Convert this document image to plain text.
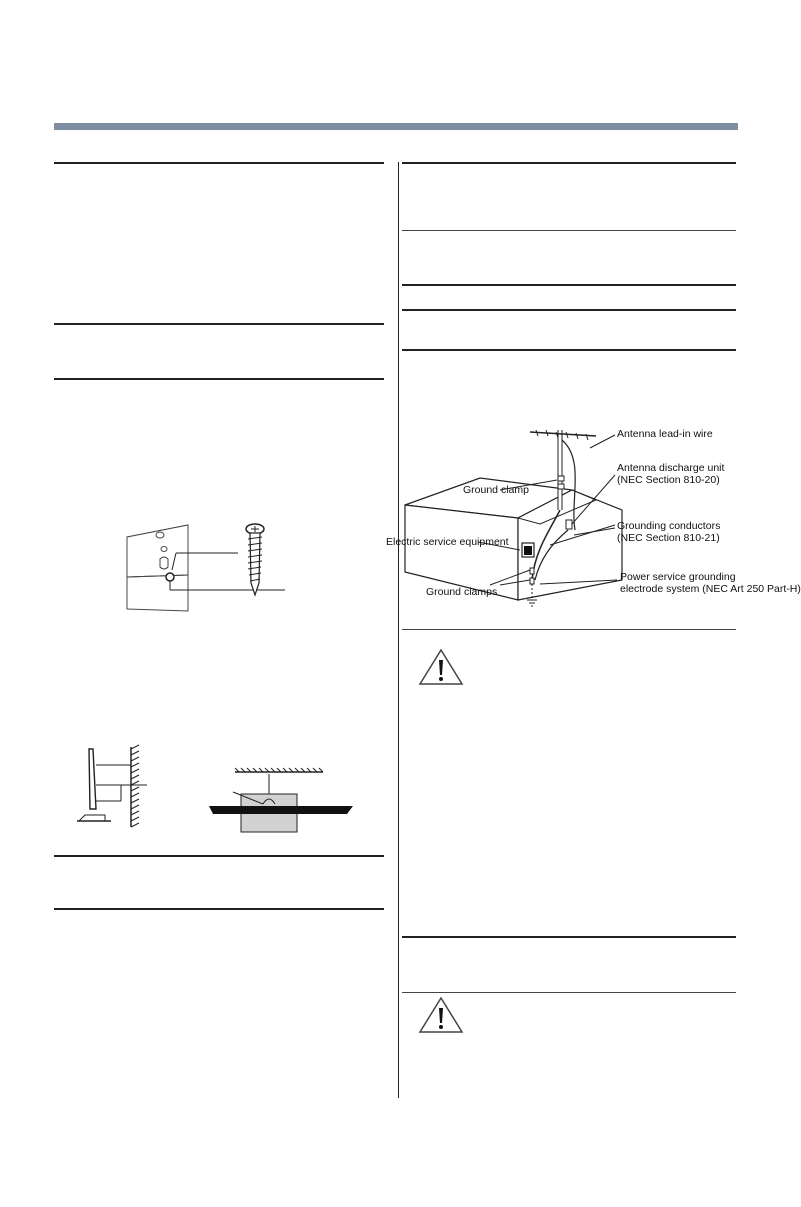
Antenna lead-in wire
Antenna discharge unit
(NEC Section 810-20)
Ground clamp
Grounding conductors
(NEC Section 810-21)
Electric service equipment
Power service grounding
electrode system (NEC Art 250 Part-H)
Ground clamps
